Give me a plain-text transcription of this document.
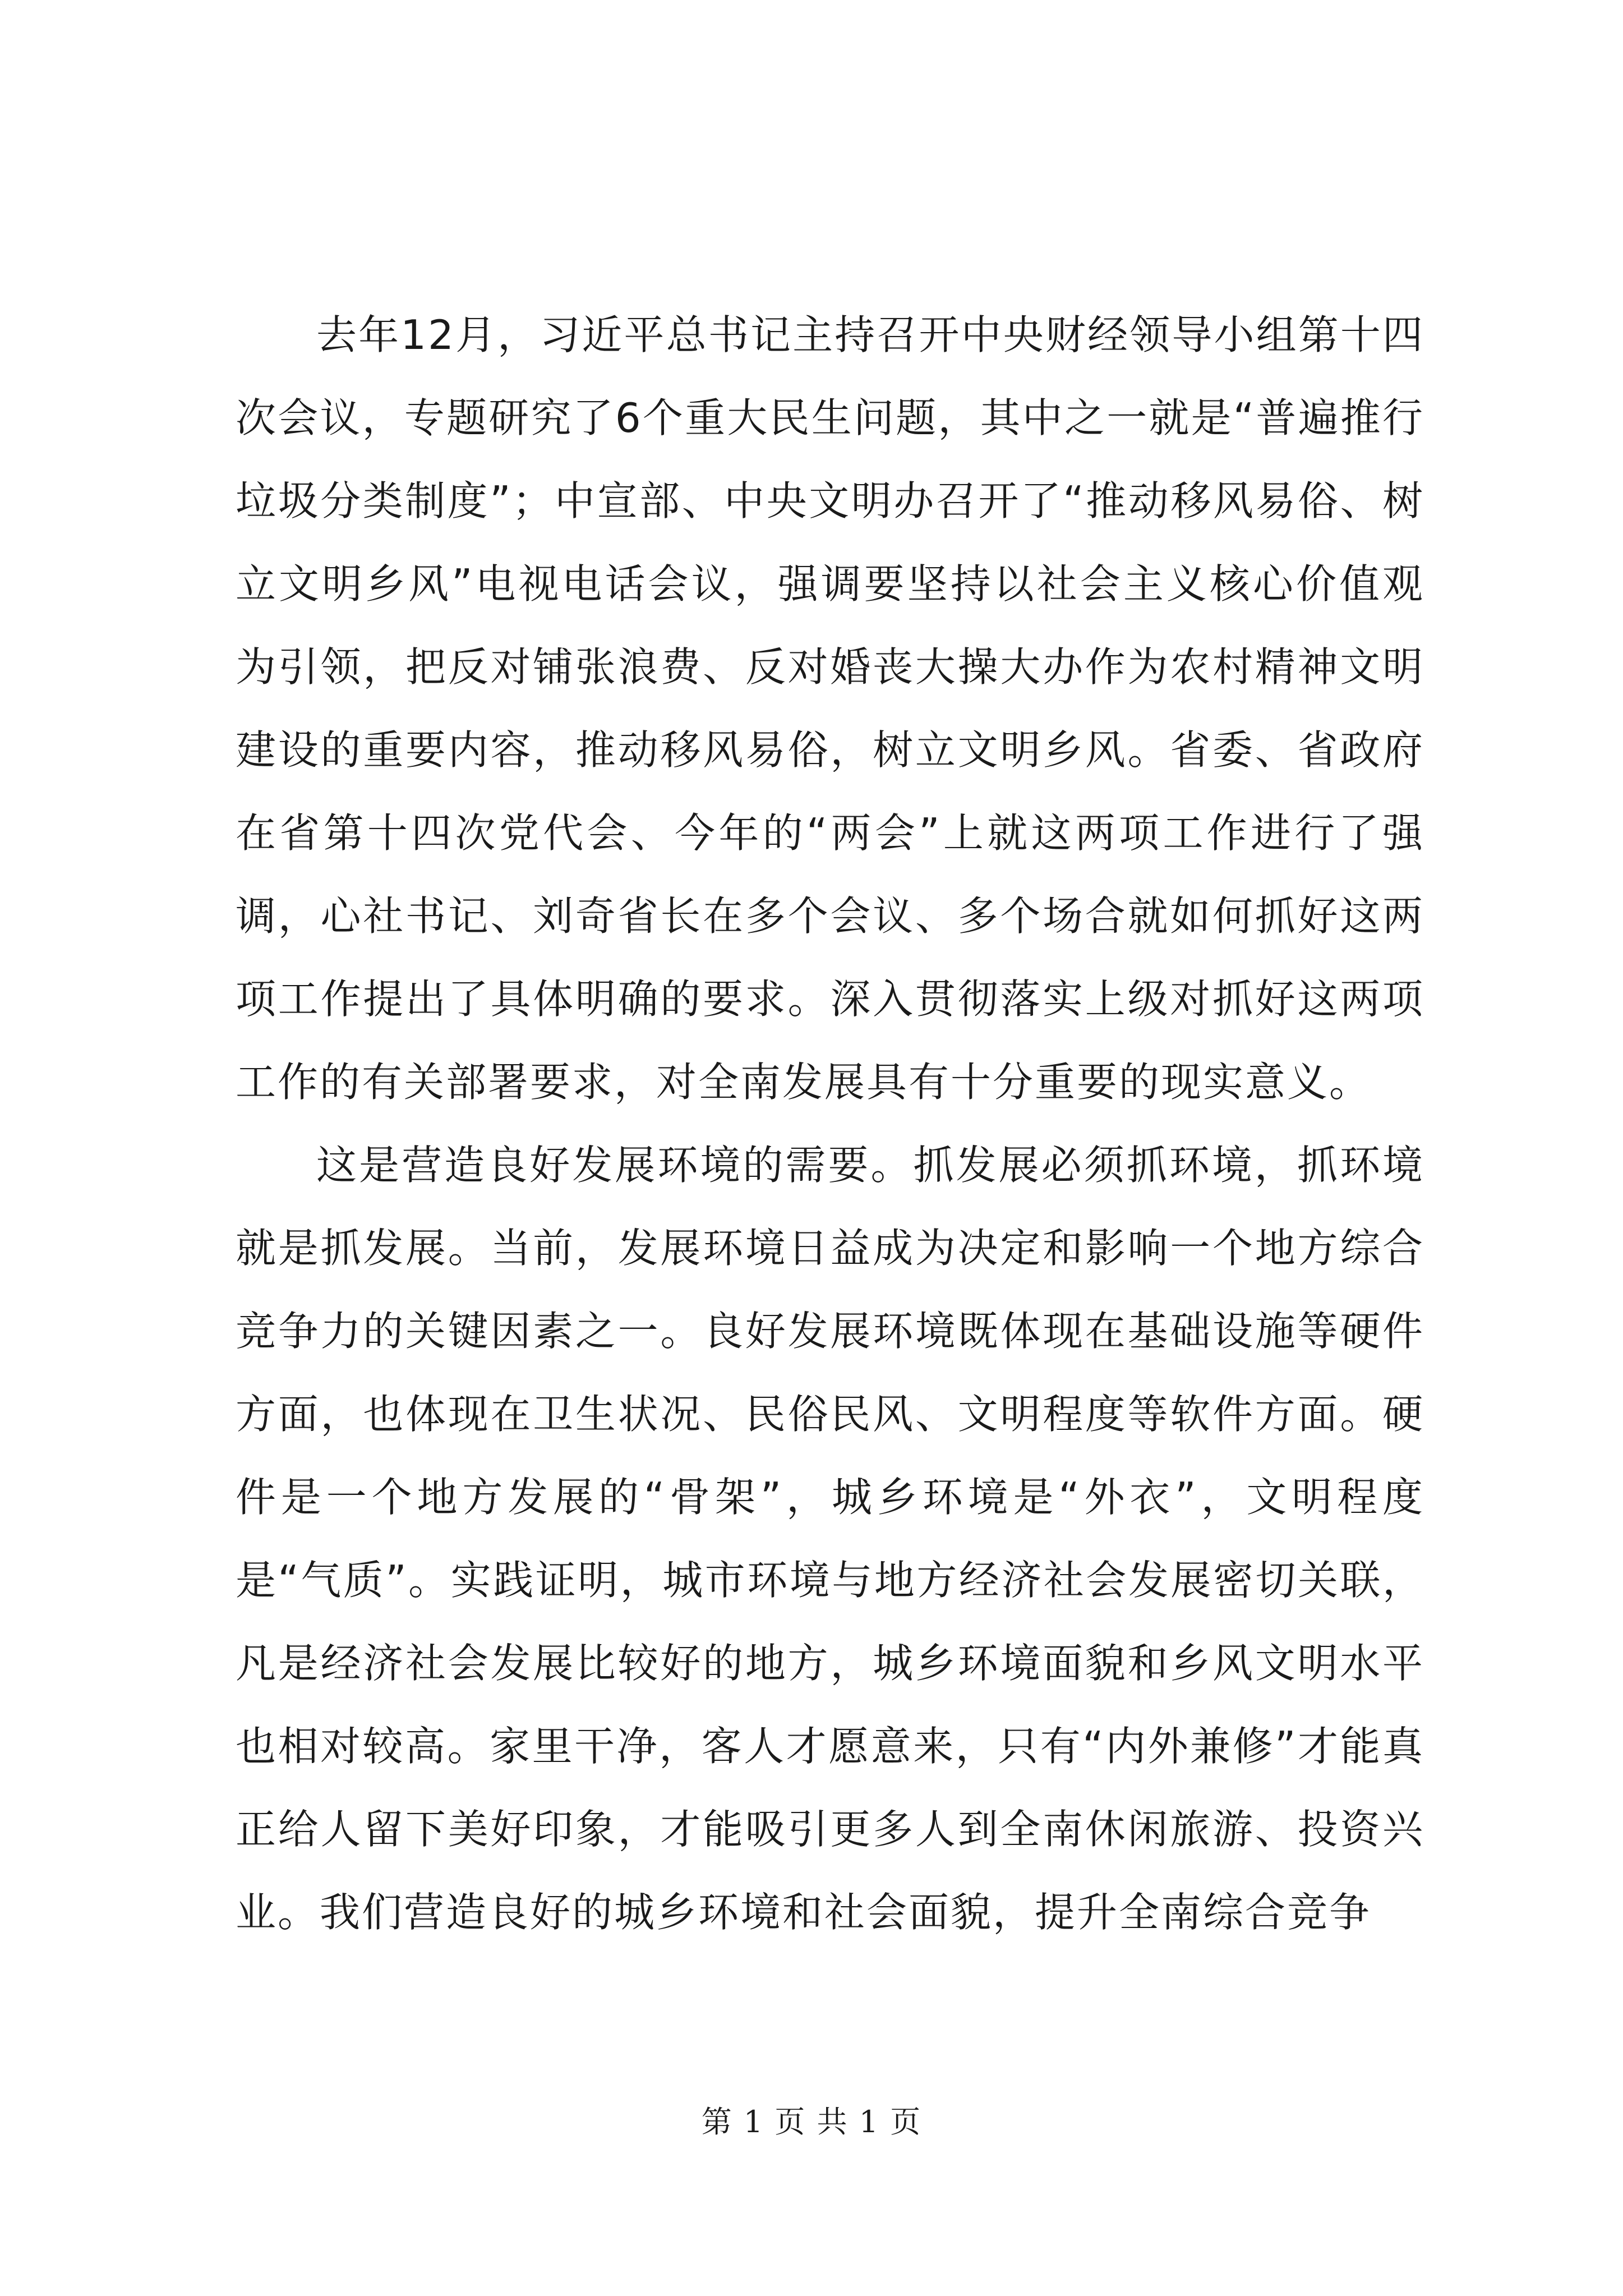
去年12月，习近平总书记主持召开中央财经领导小组第十四次会议，专题研究了6个重大民生问题，其中之一就是“普遍推行垃圾分类制度”；中宣部、中央文明办召开了“推动移风易俗、树立文明乡风”电视电话会议，强调要坚持以社会主义核心价值观为引领，把反对铺张浪费、反对婚丧大操大办作为农村精神文明建设的重要内容，推动移风易俗，树立文明乡风。省委、省政府在省第十四次党代会、今年的“两会”上就这两项工作进行了强调，心社书记、刘奇省长在多个会议、多个场合就如何抓好这两项工作提出了具体明确的要求。深入贯彻落实上级对抓好这两项工作的有关部署要求，对全南发展具有十分重要的现实意义。

这是营造良好发展环境的需要。抓发展必须抓环境，抓环境就是抓发展。当前，发展环境日益成为决定和影响一个地方综合竞争力的关键因素之一。良好发展环境既体现在基础设施等硬件方面，也体现在卫生状况、民俗民风、文明程度等软件方面。硬件是一个地方发展的“骨架”，城乡环境是“外衣”，文明程度是“气质”。实践证明，城市环境与地方经济社会发展密切关联，凡是经济社会发展比较好的地方，城乡环境面貌和乡风文明水平也相对较高。家里干净，客人才愿意来，只有“内外兼修”才能真正给人留下美好印象，才能吸引更多人到全南休闲旅游、投资兴业。我们营造良好的城乡环境和社会面貌，提升全南综合竞争

第 1 页 共 1 页
